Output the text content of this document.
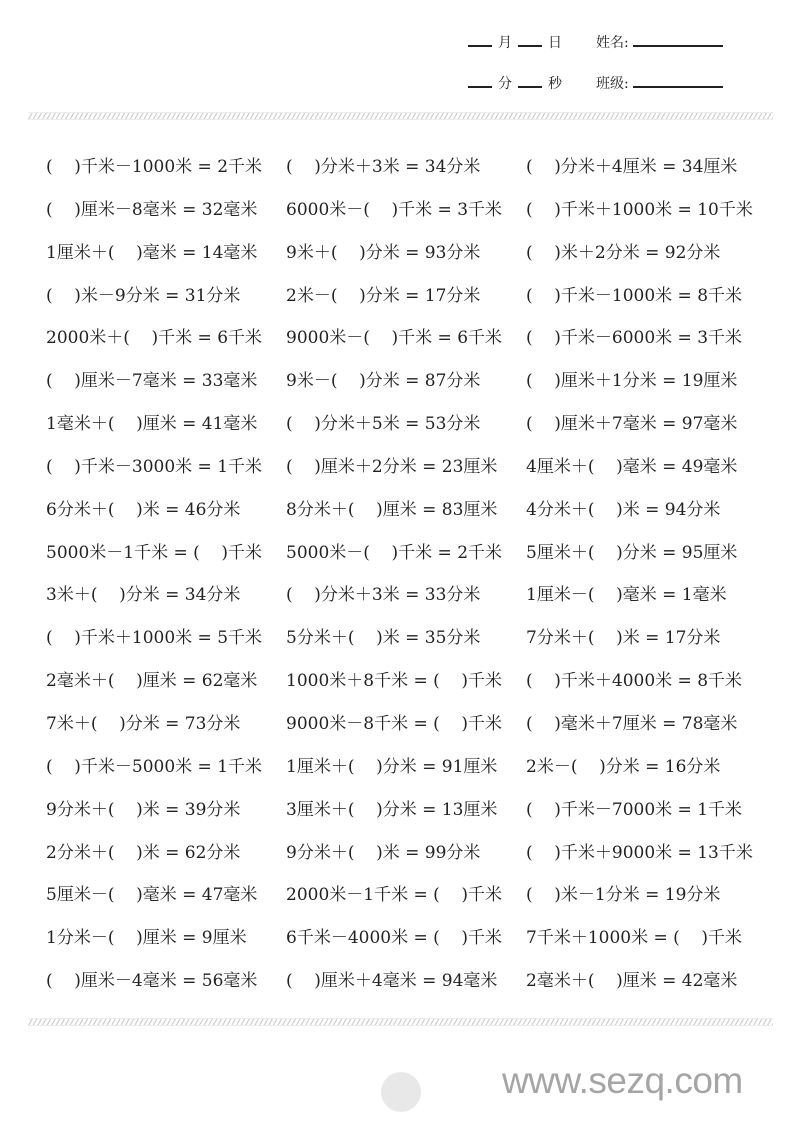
月	日 姓名:
分	秒 班级:
(    )千米－1000米 = 2千米 (    )分米＋3米 = 34分米	(    )分米＋4厘米 = 34厘米
(    )厘米－8毫米 = 32毫米 6000米－(    )千米 = 3千米 (    )千米＋1000米 = 10千米
1厘米＋(    )毫米 = 14毫米 9米＋(    )分米 = 93分米	(    )米＋2分米 = 92分米
(    )米－9分米 = 31分米	2米－(    )分米 = 17分米	(    )千米－1000米 = 8千米
2000米＋(    )千米 = 6千米 9000米－(    )千米 = 6千米 (    )千米－6000米 = 3千米
(    )厘米－7毫米 = 33毫米 9米－(    )分米 = 87分米	(    )厘米＋1分米 = 19厘米
1毫米＋(    )厘米 = 41毫米 (    )分米＋5米 = 53分米	(    )厘米＋7毫米 = 97毫米
(    )千米－3000米 = 1千米 (    )厘米＋2分米 = 23厘米 4厘米＋(    )毫米 = 49毫米
6分米＋(    )米 = 46分米	8分米＋(    )厘米 = 83厘米 4分米＋(    )米 = 94分米
5000米－1千米 = (    )千米 5000米－(    )千米 = 2千米 5厘米＋(    )分米 = 95厘米
3米＋(    )分米 = 34分米	(    )分米＋3米 = 33分米	1厘米－(    )毫米 = 1毫米
(    )千米＋1000米 = 5千米 5分米＋(    )米 = 35分米	7分米＋(    )米 = 17分米
2毫米＋(    )厘米 = 62毫米 1000米＋8千米 = (    )千米 (    )千米＋4000米 = 8千米
7米＋(    )分米 = 73分米	9000米－8千米 = (    )千米 (    )毫米＋7厘米 = 78毫米
(    )千米－5000米 = 1千米 1厘米＋(    )分米 = 91厘米 2米－(    )分米 = 16分米
9分米＋(    )米 = 39分米	3厘米＋(    )分米 = 13厘米 (    )千米－7000米 = 1千米
2分米＋(    )米 = 62分米	9分米＋(    )米 = 99分米	(    )千米＋9000米 = 13千米
5厘米－(    )毫米 = 47毫米 2000米－1千米 = (    )千米 (    )米－1分米 = 19分米
1分米－(    )厘米 = 9厘米 6千米－4000米 = (    )千米 7千米＋1000米 = (    )千米
(    )厘米－4毫米 = 56毫米 (    )厘米＋4毫米 = 94毫米 2毫米＋(    )厘米 = 42毫米
www.sezq.com
